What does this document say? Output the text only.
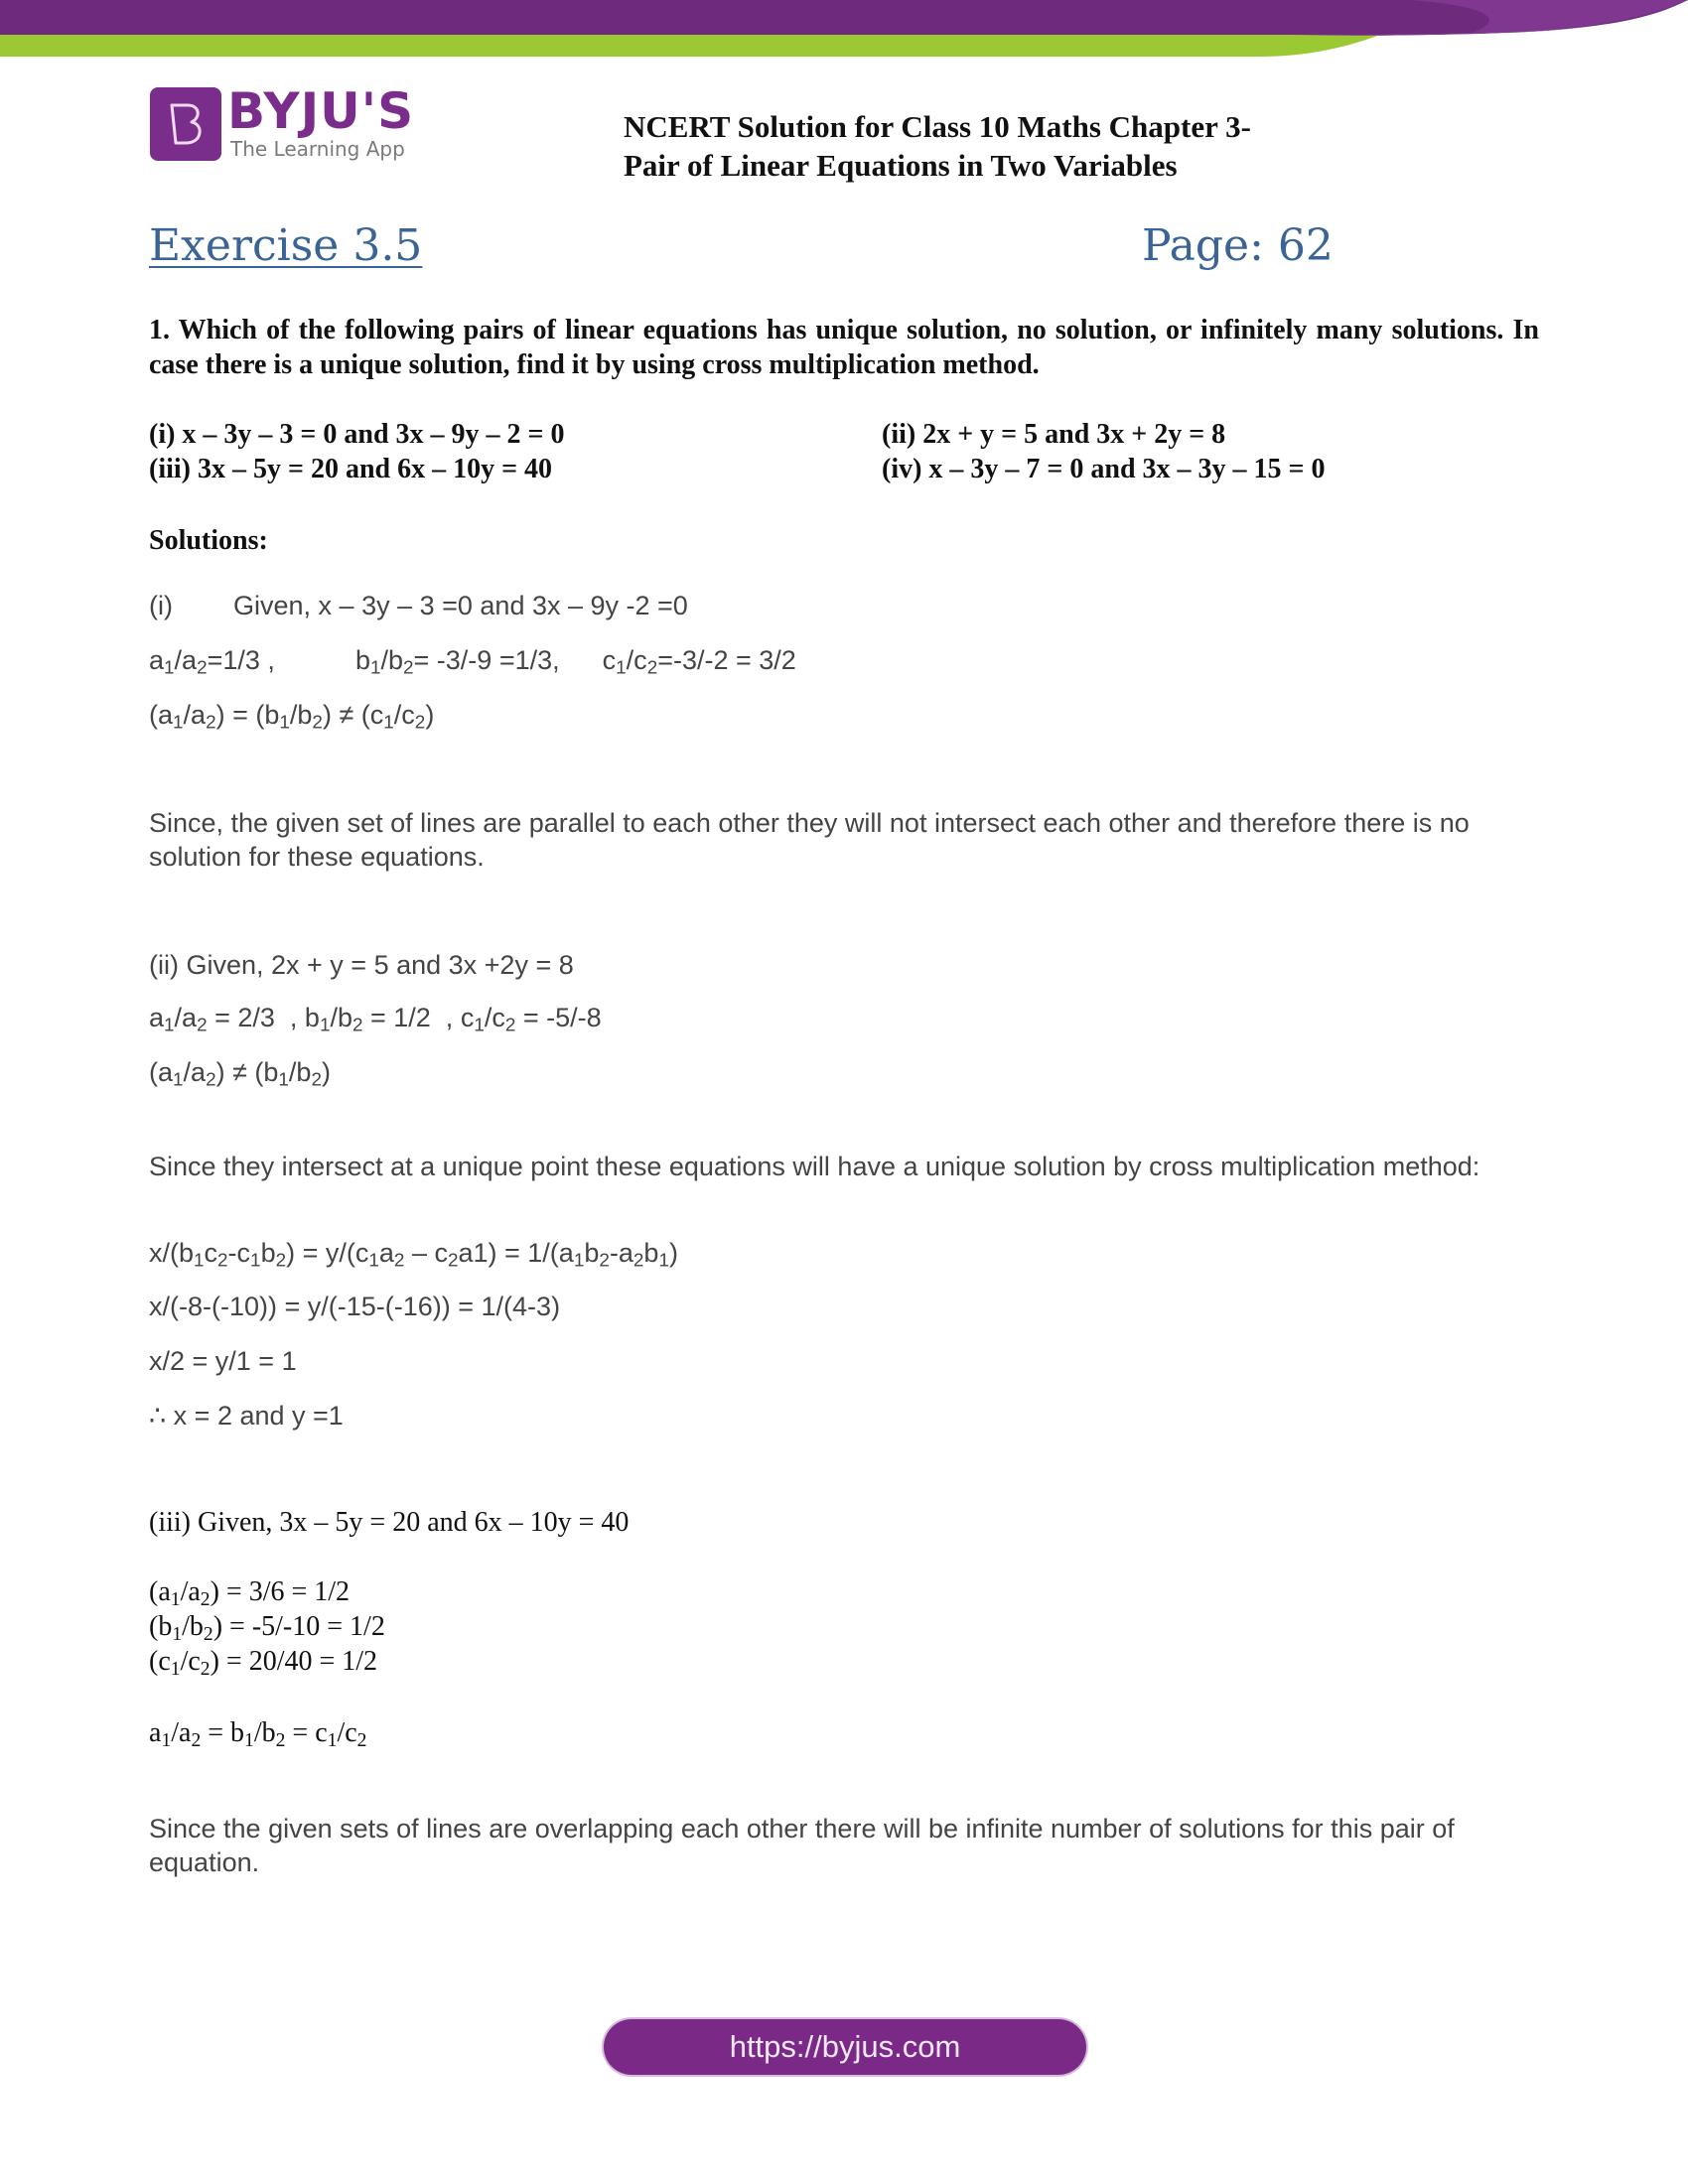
BYJU'S
The Learning App
NCERT Solution for Class 10 Maths Chapter 3-
Pair of Linear Equations in Two Variables
Exercise 3.5	Page: 62
1. Which of the following pairs of linear equations has unique solution, no solution, or infinitely many solutions. In case there is a unique solution, find it by using cross multiplication method.
(i) x – 3y – 3 = 0 and 3x – 9y – 2 = 0	(ii) 2x + y = 5 and 3x + 2y = 8
(iii) 3x – 5y = 20 and 6x – 10y = 40	(iv) x – 3y – 7 = 0 and 3x – 3y – 15 = 0
Solutions:
(i) Given, x – 3y – 3 =0 and 3x – 9y -2 =0
$a_1/a_2=1/3$ ,	$b_1/b_2= -3/-9 =1/3$, $c_1/c_2=-3/-2 = 3/2$
$(a_1/a_2) = (b_1/b_2) \ne (c_1/c_2)$
Since, the given set of lines are parallel to each other they will not intersect each other and therefore there is no solution for these equations.
(ii) Given, 2x + y = 5 and 3x +2y = 8
$a_1/a_2 = 2/3$  , $b_1/b_2 = 1/2$  , $c_1/c_2 = -5/-8$
$(a_1/a_2) \ne (b_1/b_2)$
Since they intersect at a unique point these equations will have a unique solution by cross multiplication method:
$x/(b_1c_2-c_1b_2) = y/(c_1a_2 - c_2a1) = 1/(a_1b_2-a_2b_1)$
x/(-8-(-10)) = y/(-15-(-16)) = 1/(4-3)
x/2 = y/1 = 1
∴ x = 2 and y =1
(iii) Given, 3x – 5y = 20 and 6x – 10y = 40
$(a_1/a_2) = 3/6 = 1/2$
$(b_1/b_2) = -5/-10 = 1/2$
$(c_1/c_2) = 20/40 = 1/2$
$a_1/a_2 = b_1/b_2 = c_1/c_2$
Since the given sets of lines are overlapping each other there will be infinite number of solutions for this pair of equation.
https://byjus.com
